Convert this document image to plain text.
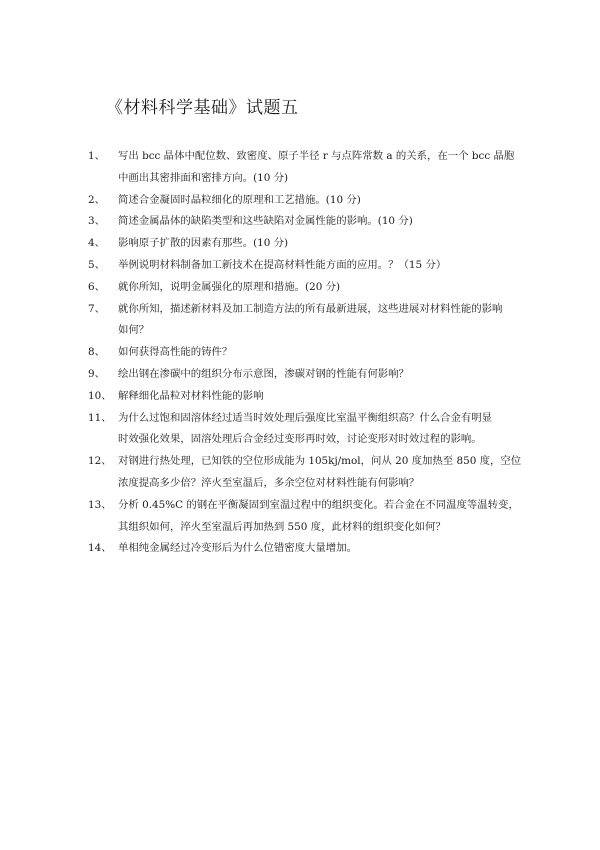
《材料科学基础》试题五
1、	写出 bcc 晶体中配位数、致密度、原子半径 r 与点阵常数 a 的关系，在一个 bcc 晶胞
中画出其密排面和密排方向。(10 分)
2、	简述合金凝固时晶粒细化的原理和工艺措施。(10 分)
3、	简述金属晶体的缺陷类型和这些缺陷对金属性能的影响。(10 分)
4、	影响原子扩散的因素有那些。(10 分)
5、	举例说明材料制备加工新技术在提高材料性能方面的应用。？（15 分）
6、	就你所知，说明金属强化的原理和措施。(20 分)
7、	就你所知，描述新材料及加工制造方法的所有最新进展，这些进展对材料性能的影响
如何？
8、	如何获得高性能的铸件？
9、	绘出钢在渗碳中的组织分布示意图，渗碳对钢的性能有何影响？
10、 解释细化晶粒对材料性能的影响
11、 为什么过饱和固溶体经过适当时效处理后强度比室温平衡组织高？什么合金有明显
时效强化效果，固溶处理后合金经过变形再时效，讨论变形对时效过程的影响。
12、 对钢进行热处理，已知铁的空位形成能为 105kj/mol，问从 20 度加热至 850 度，空位
浓度提高多少倍？淬火至室温后，多余空位对材料性能有何影响？
13、 分析 0.45%C 的钢在平衡凝固到室温过程中的组织变化。若合金在不同温度等温转变，
其组织如何，淬火至室温后再加热到 550 度，此材料的组织变化如何？
14、 单相纯金属经过冷变形后为什么位错密度大量增加。
